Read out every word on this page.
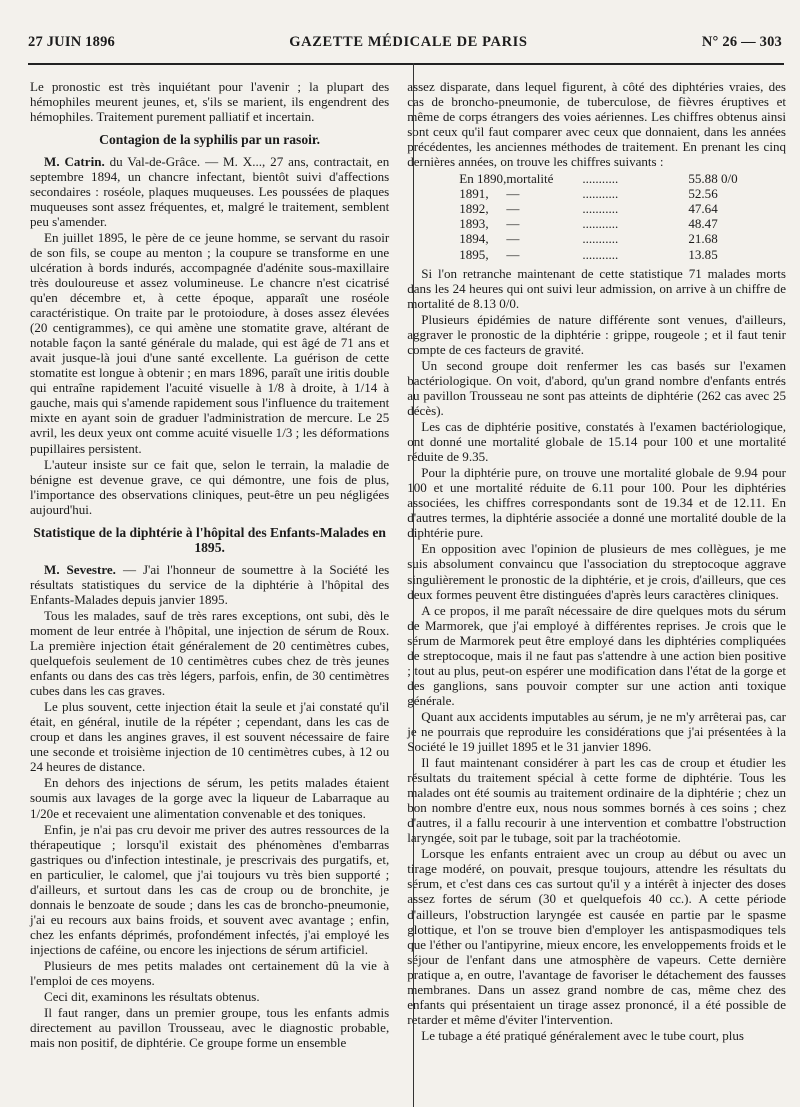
27 JUIN 1896	GAZETTE MÉDICALE DE PARIS	N° 26 — 303

Le pronostic est très inquiétant pour l'avenir ; la plupart des hémophiles meurent jeunes, et, s'ils se marient, ils engendrent des hémophiles. Traitement purement palliatif et incertain.

Contagion de la syphilis par un rasoir.

M. Catrin. du Val-de-Grâce. — M. X..., 27 ans, contractait, en septembre 1894, un chancre infectant, bientôt suivi d'affections secondaires : roséole, plaques muqueuses. Les poussées de plaques muqueuses sont assez fréquentes, et, malgré le traitement, semblent peu s'amender.

En juillet 1895, le père de ce jeune homme, se servant du rasoir de son fils, se coupe au menton ; la coupure se transforme en une ulcération à bords indurés, accompagnée d'adénite sous-maxillaire très douloureuse et assez volumineuse. Le chancre n'est cicatrisé qu'en décembre et, à cette époque, apparaît une roséole caractéristique. On traite par le protoiodure, à doses assez élevées (20 centigrammes), ce qui amène une stomatite grave, altérant de notable façon la santé générale du malade, qui est âgé de 71 ans et avait jusque-là joui d'une santé excellente. La guérison de cette stomatite est longue à obtenir ; en mars 1896, paraît une iritis double qui entraîne rapidement l'acuité visuelle à 1/8 à droite, à 1/14 à gauche, mais qui s'amende rapidement sous l'influence du traitement mixte en ayant soin de graduer l'administration de mercure. Le 25 avril, les deux yeux ont comme acuité visuelle 1/3 ; les déformations pupillaires persistent.

L'auteur insiste sur ce fait que, selon le terrain, la maladie de bénigne est devenue grave, ce qui démontre, une fois de plus, l'importance des observations cliniques, peut-être un peu négligées aujourd'hui.

Statistique de la diphtérie à l'hôpital des Enfants-Malades en 1895.

M. Sevestre. — J'ai l'honneur de soumettre à la Société les résultats statistiques du service de la diphtérie à l'hôpital des Enfants-Malades depuis janvier 1895.

Tous les malades, sauf de très rares exceptions, ont subi, dès le moment de leur entrée à l'hôpital, une injection de sérum de Roux. La première injection était généralement de 20 centimètres cubes, quelquefois seulement de 10 centimètres cubes chez de très jeunes enfants ou dans des cas très légers, parfois, enfin, de 30 centimètres cubes dans les cas graves.

Le plus souvent, cette injection était la seule et j'ai constaté qu'il était, en général, inutile de la répéter ; cependant, dans les cas de croup et dans les angines graves, il est souvent nécessaire de faire une seconde et troisième injection de 10 centimètres cubes, à 12 ou 24 heures de distance.

En dehors des injections de sérum, les petits malades étaient soumis aux lavages de la gorge avec la liqueur de Labarraque au 1/20e et recevaient une alimentation convenable et des toniques.

Enfin, je n'ai pas cru devoir me priver des autres ressources de la thérapeutique ; lorsqu'il existait des phénomènes d'embarras gastriques ou d'infection intestinale, je prescrivais des purgatifs, et, en particulier, le calomel, que j'ai toujours vu très bien supporté ; d'ailleurs, et surtout dans les cas de croup ou de bronchite, je donnais le benzoate de soude ; dans les cas de broncho-pneumonie, j'ai eu recours aux bains froids, et souvent avec avantage ; enfin, chez les enfants déprimés, profondément infectés, j'ai employé les injections de caféine, ou encore les injections de sérum artificiel.

Plusieurs de mes petits malades ont certainement dû la vie à l'emploi de ces moyens.

Ceci dit, examinons les résultats obtenus.

Il faut ranger, dans un premier groupe, tous les enfants admis directement au pavillon Trousseau, avec le diagnostic probable, mais non positif, de diphtérie. Ce groupe forme un ensemble

assez disparate, dans lequel figurent, à côté des diphtéries vraies, des cas de broncho-pneumonie, de tuberculose, de fièvres éruptives et même de corps étrangers des voies aériennes. Les chiffres obtenus ainsi sont ceux qu'il faut comparer avec ceux que donnaient, dans les années précédentes, les anciennes méthodes de traitement. En prenant les cinq dernières années, on trouve les chiffres suivants :

En 1890,	mortalité	...........	55.88 0/0
1891,	—	...........	52.56
1892,	—	...........	47.64
1893,	—	...........	48.47
1894,	—	...........	21.68
1895,	—	...........	13.85

Si l'on retranche maintenant de cette statistique 71 malades morts dans les 24 heures qui ont suivi leur admission, on arrive à un chiffre de mortalité de 8.13 0/0.

Plusieurs épidémies de nature différente sont venues, d'ailleurs, aggraver le pronostic de la diphtérie : grippe, rougeole ; et il faut tenir compte de ces facteurs de gravité.

Un second groupe doit renfermer les cas basés sur l'examen bactériologique. On voit, d'abord, qu'un grand nombre d'enfants entrés au pavillon Trousseau ne sont pas atteints de diphtérie (262 cas avec 25 décès).

Les cas de diphtérie positive, constatés à l'examen bactériologique, ont donné une mortalité globale de 15.14 pour 100 et une mortalité réduite de 9.35.

Pour la diphtérie pure, on trouve une mortalité globale de 9.94 pour 100 et une mortalité réduite de 6.11 pour 100. Pour les diphtéries associées, les chiffres correspondants sont de 19.34 et de 12.11. En d'autres termes, la diphtérie associée a donné une mortalité double de la diphtérie pure.

En opposition avec l'opinion de plusieurs de mes collègues, je me suis absolument convaincu que l'association du streptocoque aggrave singulièrement le pronostic de la diphtérie, et je crois, d'ailleurs, que ces deux formes peuvent être distinguées d'après leurs caractères cliniques.

A ce propos, il me paraît nécessaire de dire quelques mots du sérum de Marmorek, que j'ai employé à différentes reprises. Je crois que le sérum de Marmorek peut être employé dans les diphtéries compliquées de streptocoque, mais il ne faut pas s'attendre à une action bien positive ; tout au plus, peut-on espérer une modification dans l'état de la gorge et des ganglions, sans pouvoir compter sur une action anti toxique générale.

Quant aux accidents imputables au sérum, je ne m'y arrêterai pas, car je ne pourrais que reproduire les considérations que j'ai présentées à la Société le 19 juillet 1895 et le 31 janvier 1896.

Il faut maintenant considérer à part les cas de croup et étudier les résultats du traitement spécial à cette forme de diphtérie. Tous les malades ont été soumis au traitement ordinaire de la diphtérie ; chez un bon nombre d'entre eux, nous nous sommes bornés à ces soins ; chez d'autres, il a fallu recourir à une intervention et combattre l'obstruction laryngée, soit par le tubage, soit par la trachéotomie.

Lorsque les enfants entraient avec un croup au début ou avec un tirage modéré, on pouvait, presque toujours, attendre les résultats du sérum, et c'est dans ces cas surtout qu'il y a intérêt à injecter des doses assez fortes de sérum (30 et quelquefois 40 cc.). A cette période d'ailleurs, l'obstruction laryngée est causée en partie par le spasme glottique, et l'on se trouve bien d'employer les antispasmodiques tels que l'éther ou l'antipyrine, mieux encore, les enveloppements froids et le séjour de l'enfant dans une atmosphère de vapeurs. Cette dernière pratique a, en outre, l'avantage de favoriser le détachement des fausses membranes. Dans un assez grand nombre de cas, même chez des enfants qui présentaient un tirage assez prononcé, il a été possible de retarder et même d'éviter l'intervention.

Le tubage a été pratiqué généralement avec le tube court, plus
